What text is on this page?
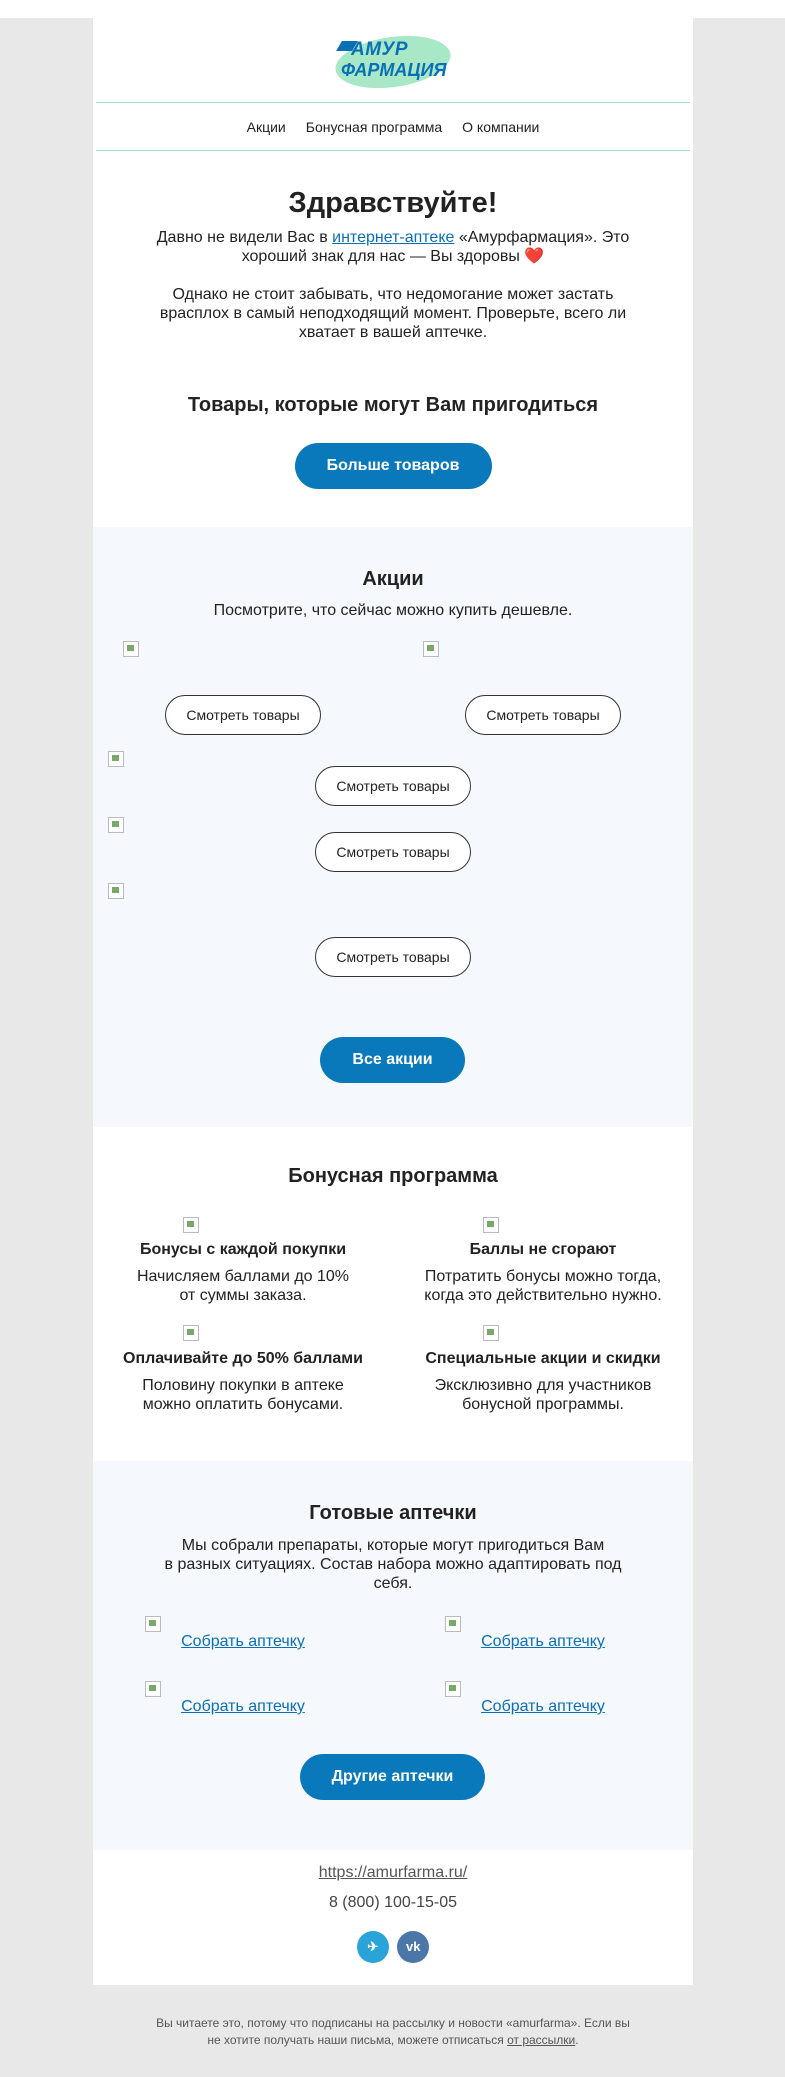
АМУР
ФАРМАЦИЯ
Акции Бонусная программа О компании
Здравствуйте!

Давно не видели Вас в интернет-аптеке «Амурфармация». Это
хороший знак для нас — Вы здоровы ❤️

Однако не стоит забывать, что недомогание может застать
врасплох в самый неподходящий момент. Проверьте, всего ли
хватает в вашей аптечке.

Товары, которые могут Вам пригодиться
Больше товаров
Акции

Посмотрите, что сейчас можно купить дешевле.

Смотреть товары	Смотреть товары
Смотреть товары
Смотреть товары
Смотреть товары
Все акции
Бонусная программа
Бонусы с каждой покупки
Начисляем баллами до 10%
от суммы заказа.
Баллы не сгорают
Потратить бонусы можно тогда,
когда это действительно нужно.
Оплачивайте до 50% баллами
Половину покупки в аптеке
можно оплатить бонусами.
Специальные акции и скидки
Эксклюзивно для участников
бонусной программы.
Готовые аптечки

Мы собрали препараты, которые могут пригодиться Вам
в разных ситуациях. Состав набора можно адаптировать под
себя.

Собрать аптечку	Собрать аптечку
Собрать аптечку	Собрать аптечку
Другие аптечки
https://amurfarma.ru/
8 (800) 100-15-05
✈ vk
Вы читаете это, потому что подписаны на рассылку и новости «amurfarma». Если вы
не хотите получать наши письма, можете отписаться от рассылки.
